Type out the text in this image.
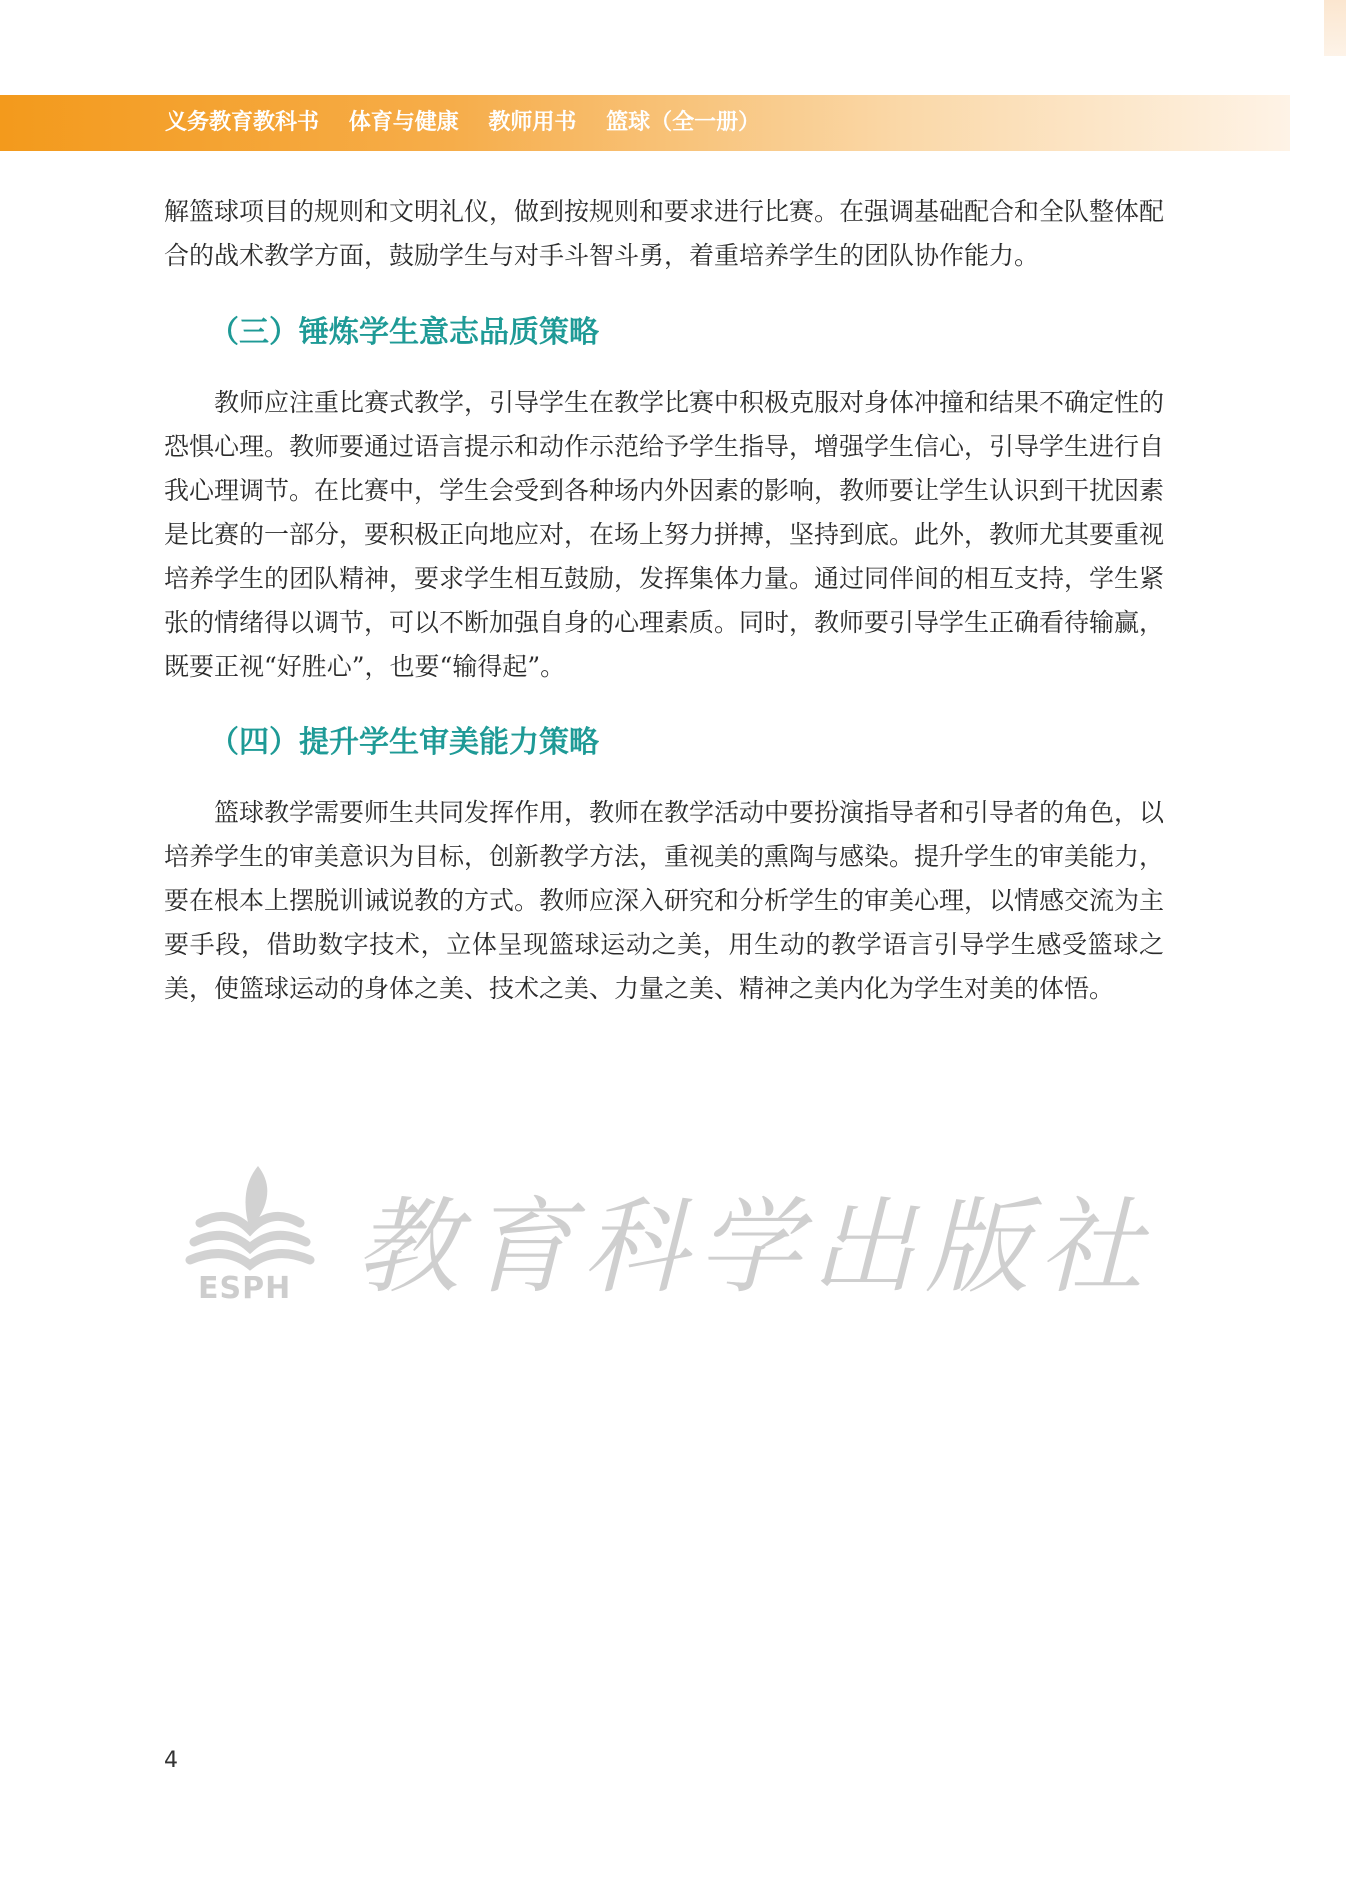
义务教育教科书 体育与健康 教师用书 篮球（全一册）

解篮球项目的规则和文明礼仪，做到按规则和要求进行比赛。在强调基础配合和全队整体配合的战术教学方面，鼓励学生与对手斗智斗勇，着重培养学生的团队协作能力。

（三）锤炼学生意志品质策略

教师应注重比赛式教学，引导学生在教学比赛中积极克服对身体冲撞和结果不确定性的恐惧心理。教师要通过语言提示和动作示范给予学生指导，增强学生信心，引导学生进行自我心理调节。在比赛中，学生会受到各种场内外因素的影响，教师要让学生认识到干扰因素是比赛的一部分，要积极正向地应对，在场上努力拼搏，坚持到底。此外，教师尤其要重视培养学生的团队精神，要求学生相互鼓励，发挥集体力量。通过同伴间的相互支持，学生紧张的情绪得以调节，可以不断加强自身的心理素质。同时，教师要引导学生正确看待输赢，既要正视“好胜心”，也要“输得起”。

（四）提升学生审美能力策略

篮球教学需要师生共同发挥作用，教师在教学活动中要扮演指导者和引导者的角色，以培养学生的审美意识为目标，创新教学方法，重视美的熏陶与感染。提升学生的审美能力，要在根本上摆脱训诫说教的方式。教师应深入研究和分析学生的审美心理，以情感交流为主要手段，借助数字技术，立体呈现篮球运动之美，用生动的教学语言引导学生感受篮球之美，使篮球运动的身体之美、技术之美、力量之美、精神之美内化为学生对美的体悟。

ESPH 教育科学出版社
4
